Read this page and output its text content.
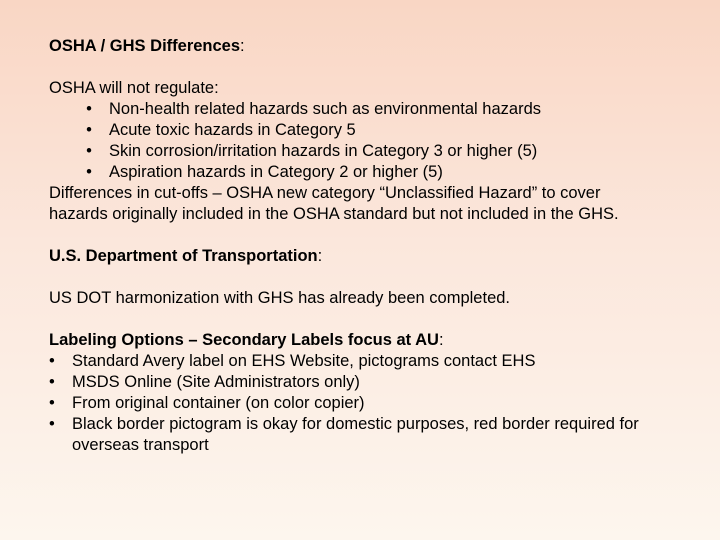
OSHA / GHS Differences:
OSHA will not regulate:
•	Non-health related hazards such as environmental hazards
•	Acute toxic hazards in Category 5
•	Skin corrosion/irritation hazards in Category 3 or higher (5)
•	Aspiration hazards in Category 2 or higher (5)
Differences in cut-offs – OSHA new category “Unclassified Hazard” to cover
hazards originally included in the OSHA standard but not included in the GHS.
U.S. Department of Transportation:
US DOT harmonization with GHS has already been completed.
Labeling Options – Secondary Labels focus at AU:
•	Standard Avery label on EHS Website, pictograms contact EHS
•	MSDS Online (Site Administrators only)
•	From original container (on color copier)
•	Black border pictogram is okay for domestic purposes, red border required for overseas transport
